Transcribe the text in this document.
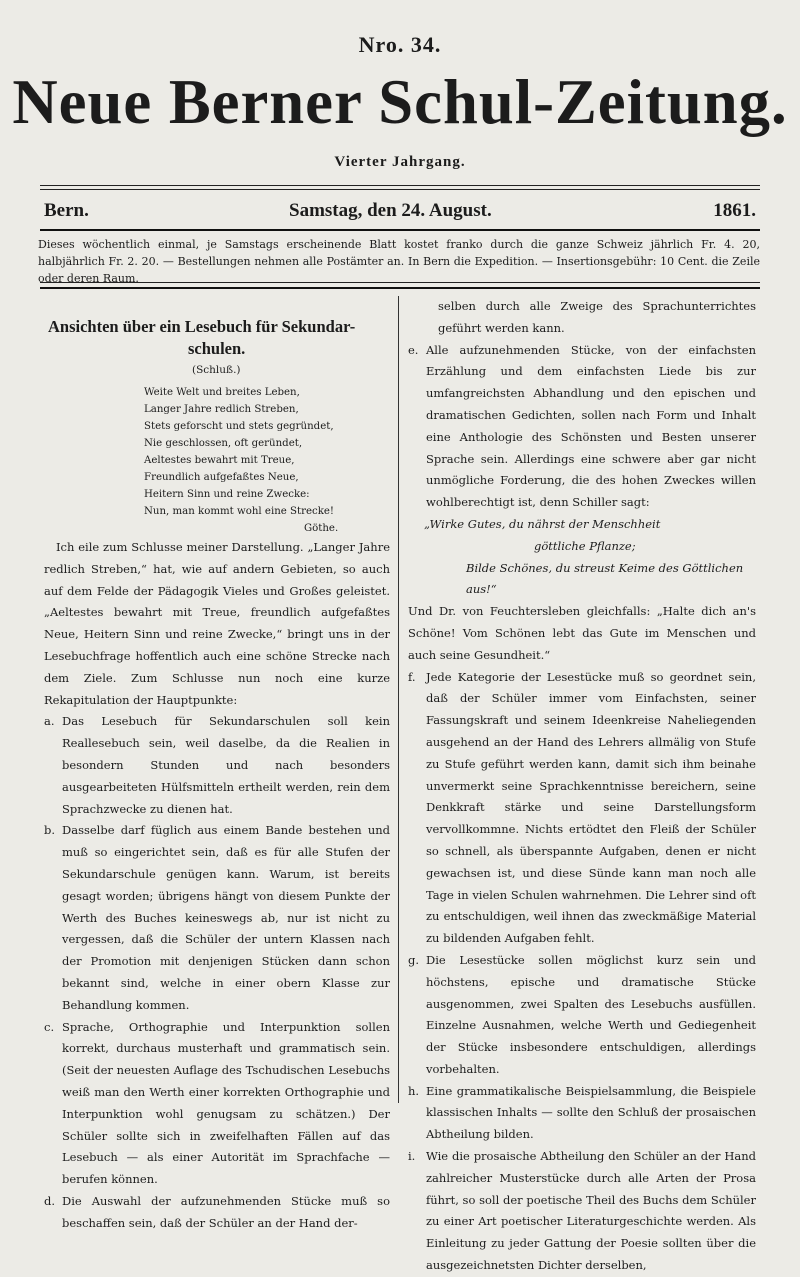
Nro. 34.
Neue Berner Schul-Zeitung.
Vierter Jahrgang.
Bern.	Samstag, den 24. August.	1861.
Dieses wöchentlich einmal, je Samstags erscheinende Blatt kostet franko durch die ganze Schweiz jährlich Fr. 4. 20, halbjährlich Fr. 2. 20. — Bestellungen nehmen alle Postämter an. In Bern die Expedition. — Insertionsgebühr: 10 Cent. die Zeile oder deren Raum.
Ansichten über ein Lesebuch für Sekundar-
schulen.
(Schluß.)
Weite Welt und breites Leben,
Langer Jahre redlich Streben,
Stets geforscht und stets gegründet,
Nie geschlossen, oft geründet,
Aeltestes bewahrt mit Treue,
Freundlich aufgefaßtes Neue,
Heitern Sinn und reine Zwecke:
Nun, man kommt wohl eine Strecke!
Göthe.

Ich eile zum Schlusse meiner Darstellung. „Langer Jahre redlich Streben,“ hat, wie auf andern Gebieten, so auch auf dem Felde der Pädagogik Vieles und Großes geleistet. „Aeltestes bewahrt mit Treue, freundlich aufgefaßtes Neue, Heitern Sinn und reine Zwecke,“ bringt uns in der Lesebuchfrage hoffentlich auch eine schöne Strecke nach dem Ziele. Zum Schlusse nun noch eine kurze Rekapitulation der Hauptpunkte:

a. Das Lesebuch für Sekundarschulen soll kein Reallesebuch sein, weil daselbe, da die Realien in besondern Stunden und nach besonders ausgearbeiteten Hülfsmitteln ertheilt werden, rein dem Sprachzwecke zu dienen hat.
b. Dasselbe darf füglich aus einem Bande bestehen und muß so eingerichtet sein, daß es für alle Stufen der Sekundarschule genügen kann. Warum, ist bereits gesagt worden; übrigens hängt von diesem Punkte der Werth des Buches keineswegs ab, nur ist nicht zu vergessen, daß die Schüler der untern Klassen nach der Promotion mit denjenigen Stücken dann schon bekannt sind, welche in einer obern Klasse zur Behandlung kommen.
c. Sprache, Orthographie und Interpunktion sollen korrekt, durchaus musterhaft und grammatisch sein. (Seit der neuesten Auflage des Tschudischen Lesebuchs weiß man den Werth einer korrekten Orthographie und Interpunktion wohl genugsam zu schätzen.) Der Schüler sollte sich in zweifelhaften Fällen auf das Lesebuch — als einer Autorität im Sprachfache — berufen können.
d. Die Auswahl der aufzunehmenden Stücke muß so beschaffen sein, daß der Schüler an der Hand der-

selben durch alle Zweige des Sprachunterrichtes geführt werden kann.

e. Alle aufzunehmenden Stücke, von der einfachsten Erzählung und dem einfachsten Liede bis zur umfangreichsten Abhandlung und den epischen und dramatischen Gedichten, sollen nach Form und Inhalt eine Anthologie des Schönsten und Besten unserer Sprache sein. Allerdings eine schwere aber gar nicht unmögliche Forderung, die des hohen Zweckes willen wohlberechtigt ist, denn Schiller sagt:
„Wirke Gutes, du nährst der Menschheit
göttliche Pflanze;
Bilde Schönes, du streust Keime des Göttlichen aus!“

Und Dr. von Feuchtersleben gleichfalls: „Halte dich an's Schöne! Vom Schönen lebt das Gute im Menschen und auch seine Gesundheit.“

f. Jede Kategorie der Lesestücke muß so geordnet sein, daß der Schüler immer vom Einfachsten, seiner Fassungskraft und seinem Ideenkreise Naheliegenden ausgehend an der Hand des Lehrers allmälig von Stufe zu Stufe geführt werden kann, damit sich ihm beinahe unvermerkt seine Sprachkenntnisse bereichern, seine Denkkraft stärke und seine Darstellungsform vervollkommne. Nichts ertödtet den Fleiß der Schüler so schnell, als überspannte Aufgaben, denen er nicht gewachsen ist, und diese Sünde kann man noch alle Tage in vielen Schulen wahrnehmen. Die Lehrer sind oft zu entschuldigen, weil ihnen das zweckmäßige Material zu bildenden Aufgaben fehlt.
g. Die Lesestücke sollen möglichst kurz sein und höchstens, epische und dramatische Stücke ausgenommen, zwei Spalten des Lesebuchs ausfüllen. Einzelne Ausnahmen, welche Werth und Gediegenheit der Stücke insbesondere entschuldigen, allerdings vorbehalten.
h. Eine grammatikalische Beispielsammlung, die Beispiele klassischen Inhalts — sollte den Schluß der prosaischen Abtheilung bilden.
i. Wie die prosaische Abtheilung den Schüler an der Hand zahlreicher Musterstücke durch alle Arten der Prosa führt, so soll der poetische Theil des Buchs dem Schüler zu einer Art poetischer Literaturgeschichte werden. Als Einleitung zu jeder Gattung der Poesie sollten über die ausgezeichnetsten Dichter derselben,
